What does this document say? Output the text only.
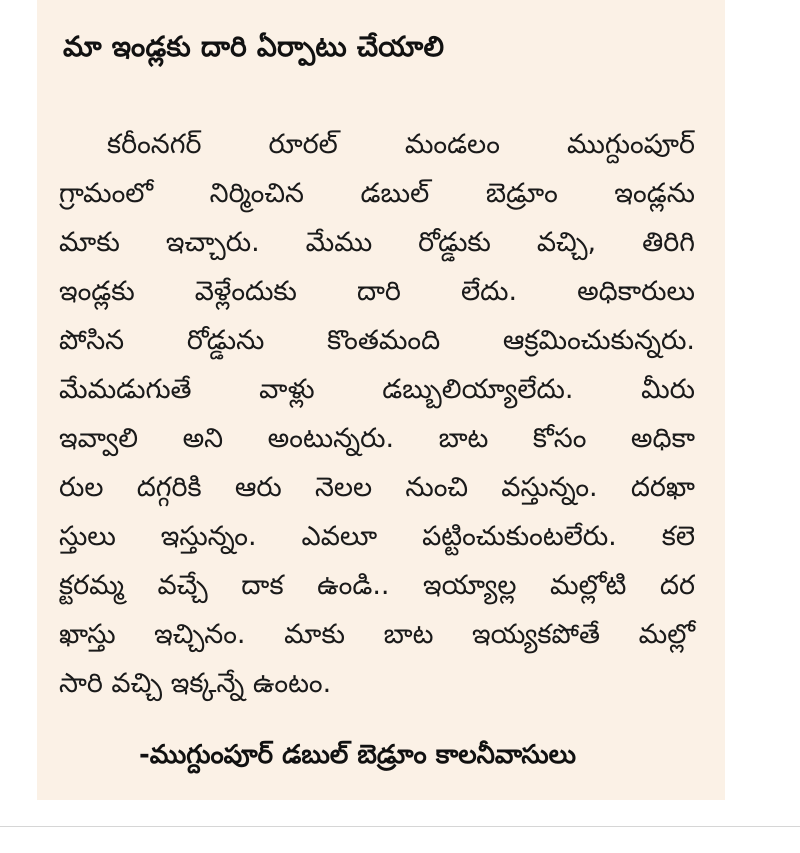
మా ఇండ్లకు దారి ఏర్పాటు చేయాలి
కరీంనగర్ రూరల్ మండలం ముగ్దుంపూర్
గ్రామంలో నిర్మించిన డబుల్ బెడ్రూం ఇండ్లను
మాకు ఇచ్చారు. మేము రోడ్డుకు వచ్చి, తిరిగి
ఇండ్లకు వెళ్లేందుకు దారి లేదు. అధికారులు
పోసిన రోడ్డును కొంతమంది ఆక్రమించుకున్నరు.
మేమడుగుతే వాళ్లు డబ్బులియ్యాలేదు. మీరు
ఇవ్వాలి అని అంటున్నరు. బాట కోసం అధికా
రుల దగ్గరికి ఆరు నెలల నుంచి వస్తున్నం. దరఖా
స్తులు ఇస్తున్నం. ఎవలూ పట్టించుకుంటలేరు. కలె
క్టరమ్మ వచ్చే దాక ఉండి.. ఇయ్యాల్ల మల్లోటి దర
ఖాస్తు ఇచ్చినం. మాకు బాట ఇయ్యకపోతే మల్లో
సారి వచ్చి ఇక్కన్నే ఉంటం.

-ముగ్దుంపూర్ డబుల్ బెడ్రూం కాలనీవాసులు
